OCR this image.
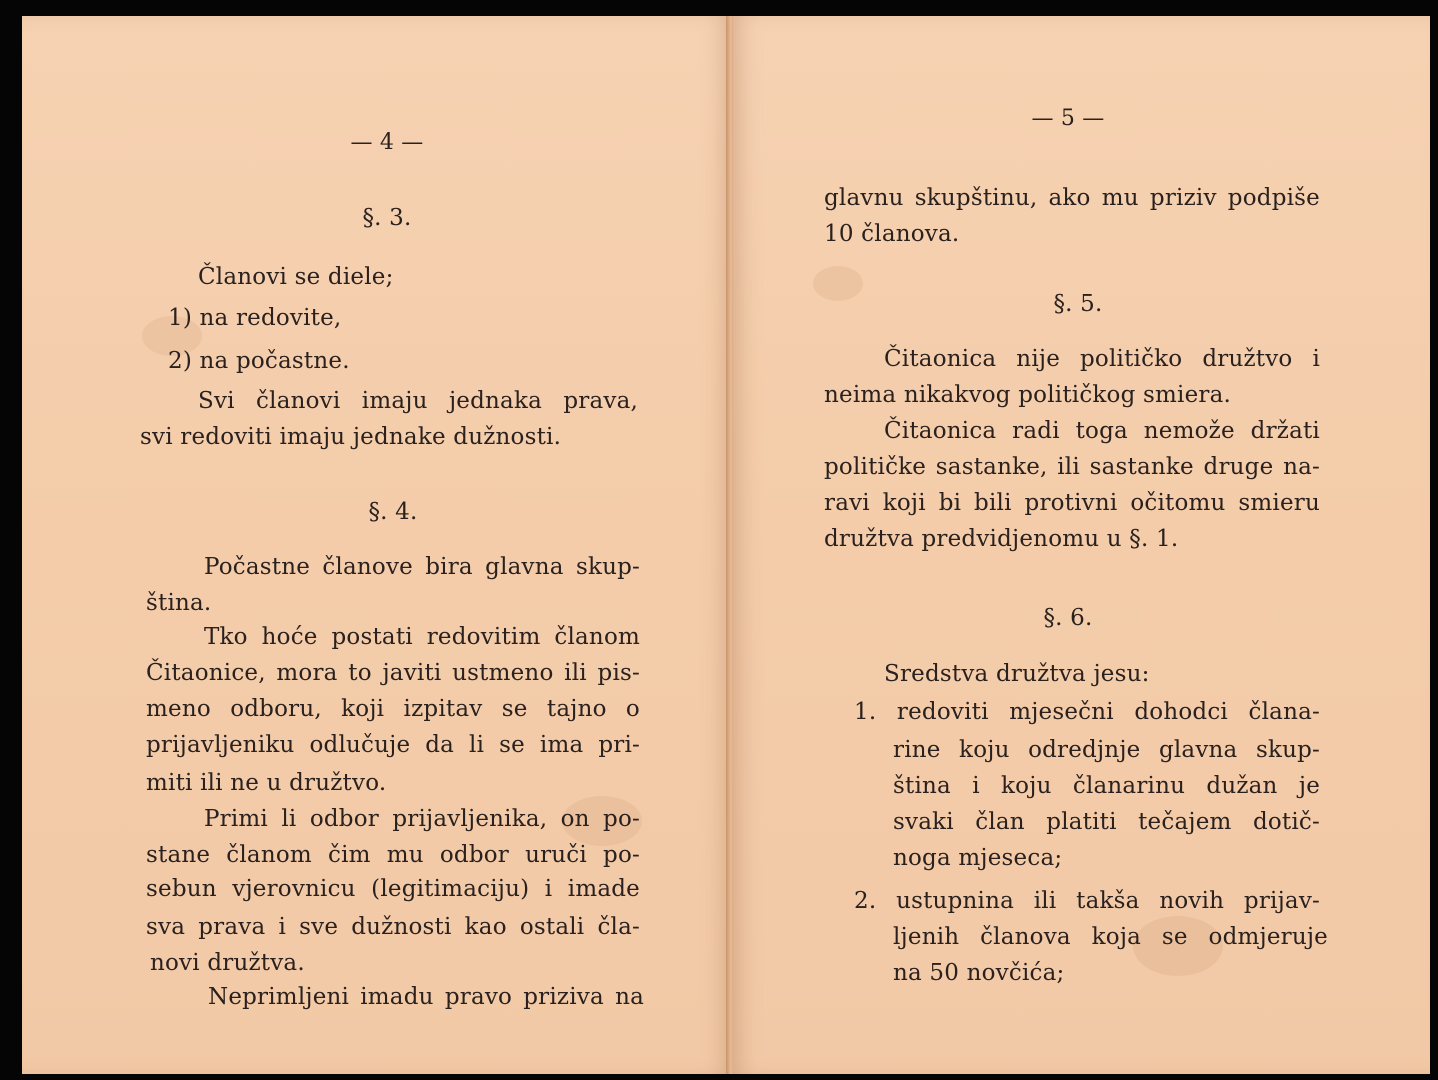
— 4 —

§. 3.

Članovi se diele;

1) na redovite,

2) na počastne.

Svi članovi imaju jednaka prava,

svi redoviti imaju jednake dužnosti.

§. 4.

Počastne članove bira glavna skup-

ština.

Tko hoće postati redovitim članom

Čitaonice, mora to javiti ustmeno ili pis-

meno odboru, koji izpitav se tajno o

prijavljeniku odlučuje da li se ima pri-

miti ili ne u družtvo.

Primi li odbor prijavljenika, on po-

stane članom čim mu odbor uruči po-

sebun vjerovnicu (legitimaciju) i imade

sva prava i sve dužnosti kao ostali čla-

novi družtva.

Neprimljeni imadu pravo priziva na

— 5 —

glavnu skupštinu, ako mu priziv podpiše

10 članova.

§. 5.

Čitaonica nije političko družtvo i

neima nikakvog političkog smiera.

Čitaonica radi toga nemože držati

političke sastanke, ili sastanke druge na-

ravi koji bi bili protivni očitomu smieru

družtva predvidjenomu u §. 1.

§. 6.

Sredstva družtva jesu:

1. redoviti mjesečni dohodci člana-

rine koju odredjnje glavna skup-

ština i koju članarinu dužan je

svaki član platiti tečajem dotič-

noga mjeseca;

2. ustupnina ili takša novih prijav-

ljenih članova koja se odmjeruje

na 50 novčića;
